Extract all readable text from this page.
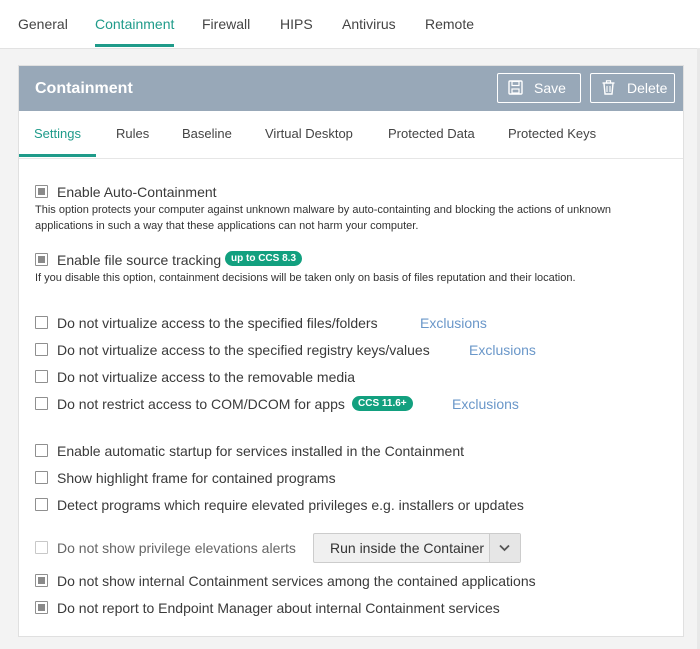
General Containment Firewall HIPS Antivirus Remote
Containment	Save	Delete
Settings	Rules	Baseline	Virtual Desktop	Protected Data	Protected Keys
Enable Auto-Containment
This option protects your computer against unknown malware by auto-containting and blocking the actions of unknown applications in such a way that these applications can not harm your computer.
Enable file source tracking up to CCS 8.3
If you disable this option, containment decisions will be taken only on basis of files reputation and their location.
Do not virtualize access to the specified files/folders	Exclusions
Do not virtualize access to the specified registry keys/values	Exclusions
Do not virtualize access to the removable media
Do not restrict access to COM/DCOM for apps	CCS 11.6+	Exclusions
Enable automatic startup for services installed in the Containment
Show highlight frame for contained programs
Detect programs which require elevated privileges e.g. installers or updates
Do not show privilege elevations alerts Run inside the Container
Do not show internal Containment services among the contained applications
Do not report to Endpoint Manager about internal Containment services
